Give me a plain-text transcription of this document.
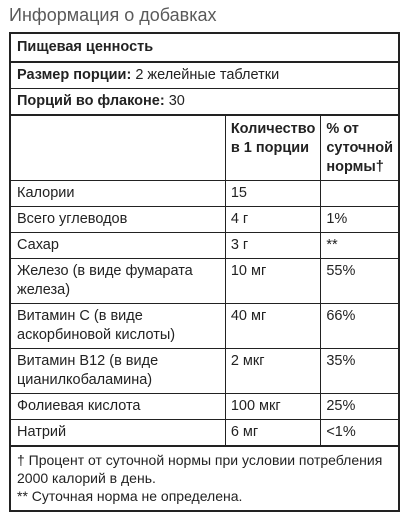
Информация о добавках
Пищевая ценность
Размер порции: 2 желейные таблетки
Порций во флаконе: 30
	Количество в 1 порции	% от суточной нормы†
Калории	15	
Всего углеводов	4 г	1%
Сахар	3 г	**
Железо (в виде фумарата железа)	10 мг	55%
Витамин С (в виде аскорбиновой кислоты)	40 мг	66%
Витамин B12 (в виде цианилкобаламина)	2 мкг	35%
Фолиевая кислота	100 мкг	25%
Натрий	6 мг	<1%
† Процент от суточной нормы при условии потребления 2000 калорий в день.
** Суточная норма не определена.
